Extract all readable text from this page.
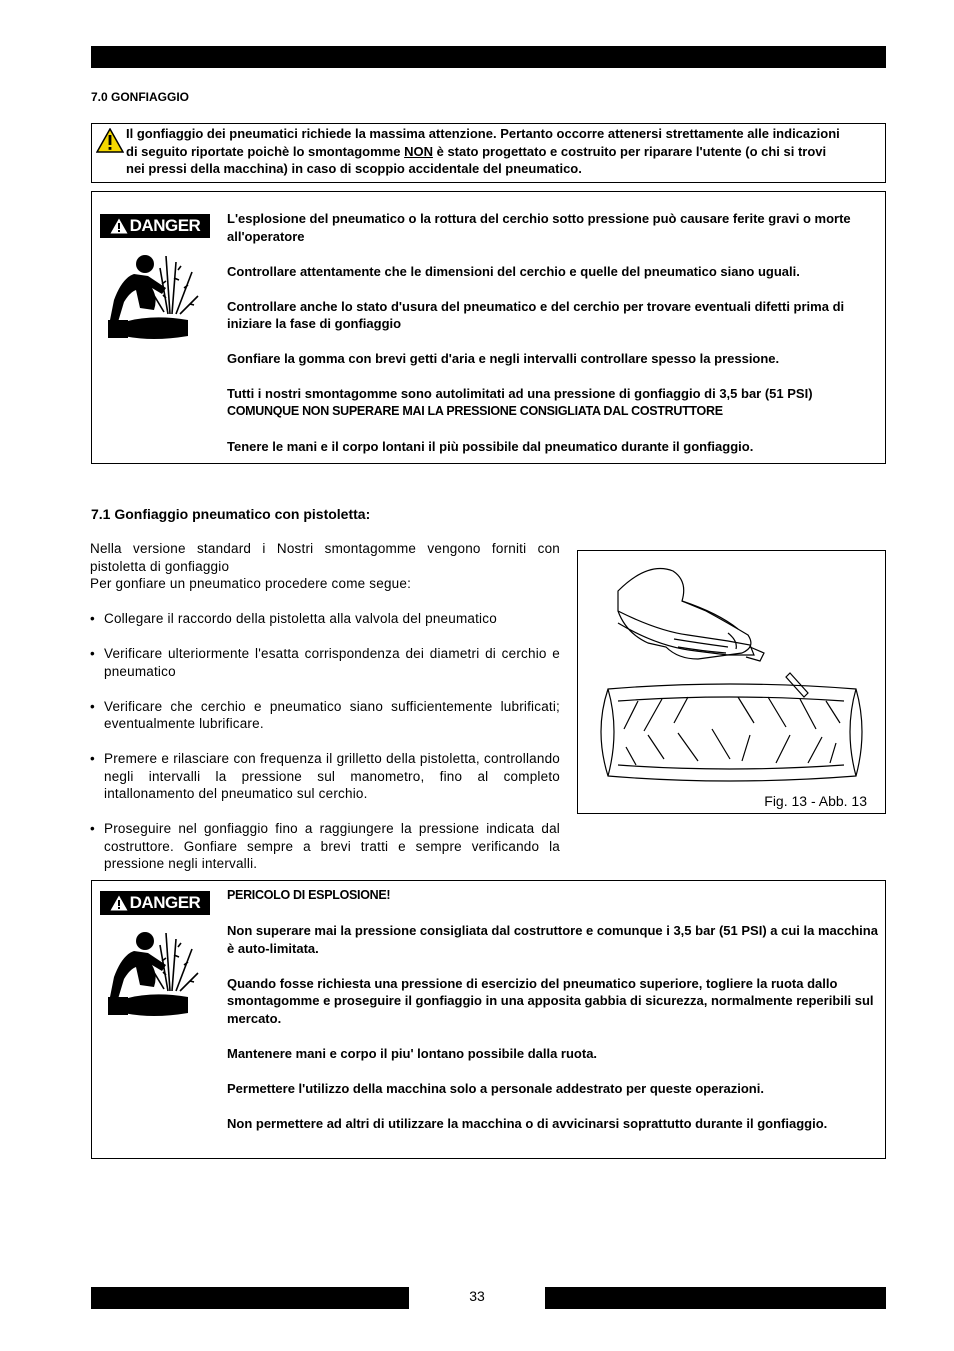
7.0 GONFIAGGIO
Il gonfiaggio dei pneumatici richiede la massima attenzione. Pertanto occorre attenersi strettamente alle indicazioni di seguito riportate poichè lo smontagomme NON è stato progettato e costruito per riparare l'utente (o chi si trovi nei pressi della macchina) in caso di scoppio accidentale del pneumatico.
DANGER L'esplosione del pneumatico o la rottura del cerchio sotto pressione può causare ferite gravi o morte all'operatore

Controllare attentamente che le dimensioni del cerchio e quelle del pneumatico siano uguali.

Controllare anche lo stato d'usura del pneumatico e del cerchio per trovare eventuali difetti prima di iniziare la fase di gonfiaggio

Gonfiare la gomma con brevi getti d'aria e negli intervalli controllare spesso la pressione.

Tutti i nostri smontagomme sono autolimitati ad una pressione di gonfiaggio di 3,5 bar (51 PSI)

COMUNQUE NON SUPERARE MAI LA PRESSIONE CONSIGLIATA DAL COSTRUTTORE

Tenere le mani e il corpo lontani il più possibile dal pneumatico durante il gonfiaggio.

7.1 Gonfiaggio pneumatico con pistoletta:

Nella versione standard i Nostri smontagomme vengono forniti con pistoletta di gonfiaggio

Per gonfiare un pneumatico procedere come segue:

• Collegare il raccordo della pistoletta alla valvola del pneumatico
• Verificare ulteriormente l'esatta corrispondenza dei diametri di cerchio e pneumatico
• Verificare che cerchio e pneumatico siano sufficientemente lubrificati; eventualmente lubrificare.
• Premere e rilasciare con frequenza il grilletto della pistoletta, controllando negli intervalli la pressione sul manometro, fino al completo intallonamento del pneumatico sul cerchio.
• Proseguire nel gonfiaggio fino a raggiungere la pressione indicata dal costruttore. Gonfiare sempre a brevi tratti e sempre verificando la pressione negli intervalli.
Fig. 13 - Abb. 13
DANGER PERICOLO DI ESPLOSIONE!

Non superare mai la pressione consigliata dal costruttore e comunque i 3,5 bar (51 PSI) a cui la macchina è auto-limitata.

Quando fosse richiesta una pressione di esercizio del pneumatico superiore, togliere la ruota dallo smontagomme e proseguire il gonfiaggio in una apposita gabbia di sicurezza, normalmente reperibili sul mercato.

Mantenere mani e corpo il piu' lontano possibile dalla ruota.

Permettere l'utilizzo della macchina solo a personale addestrato per queste operazioni.

Non permettere ad altri di utilizzare la macchina o di avvicinarsi soprattutto durante il gonfiaggio.

33
